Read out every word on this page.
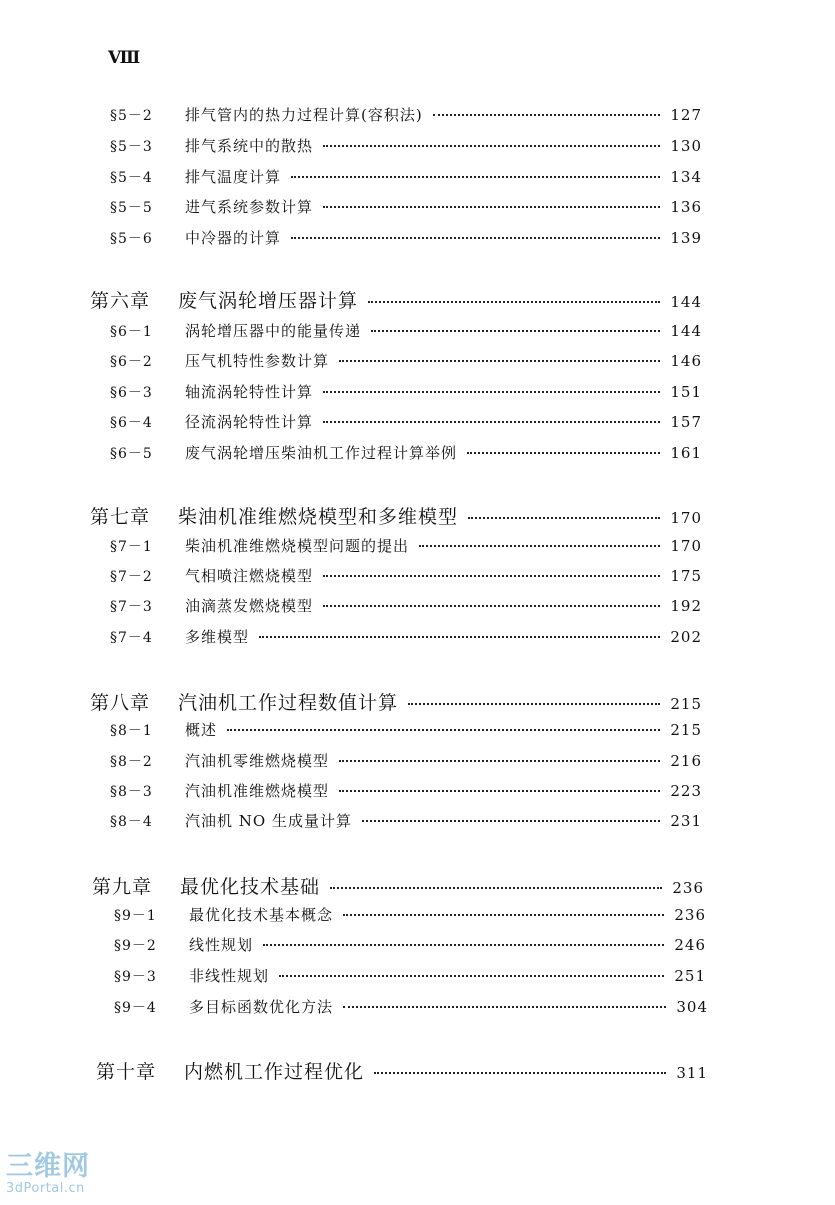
Ⅷ
§5－2	排气管内的热力过程计算(容积法)	127
§5－3	排气系统中的散热	130
§5－4	排气温度计算	134
§5－5	进气系统参数计算	136
§5－6	中冷器的计算	139
第六章	废气涡轮增压器计算	144
§6－1	涡轮增压器中的能量传递	144
§6－2	压气机特性参数计算	146
§6－3	轴流涡轮特性计算	151
§6－4	径流涡轮特性计算	157
§6－5	废气涡轮增压柴油机工作过程计算举例	161
第七章	柴油机准维燃烧模型和多维模型	170
§7－1	柴油机准维燃烧模型问题的提出	170
§7－2	气相喷注燃烧模型	175
§7－3	油滴蒸发燃烧模型	192
§7－4	多维模型	202
第八章	汽油机工作过程数值计算	215
§8－1	概述	215
§8－2	汽油机零维燃烧模型	216
§8－3	汽油机准维燃烧模型	223
§8－4	汽油机 NO 生成量计算	231
第九章	最优化技术基础	236
§9－1	最优化技术基本概念	236
§9－2	线性规划	246
§9－3	非线性规划	251
§9－4	多目标函数优化方法	304
第十章	内燃机工作过程优化	311
三维网
3dPortal.cn
